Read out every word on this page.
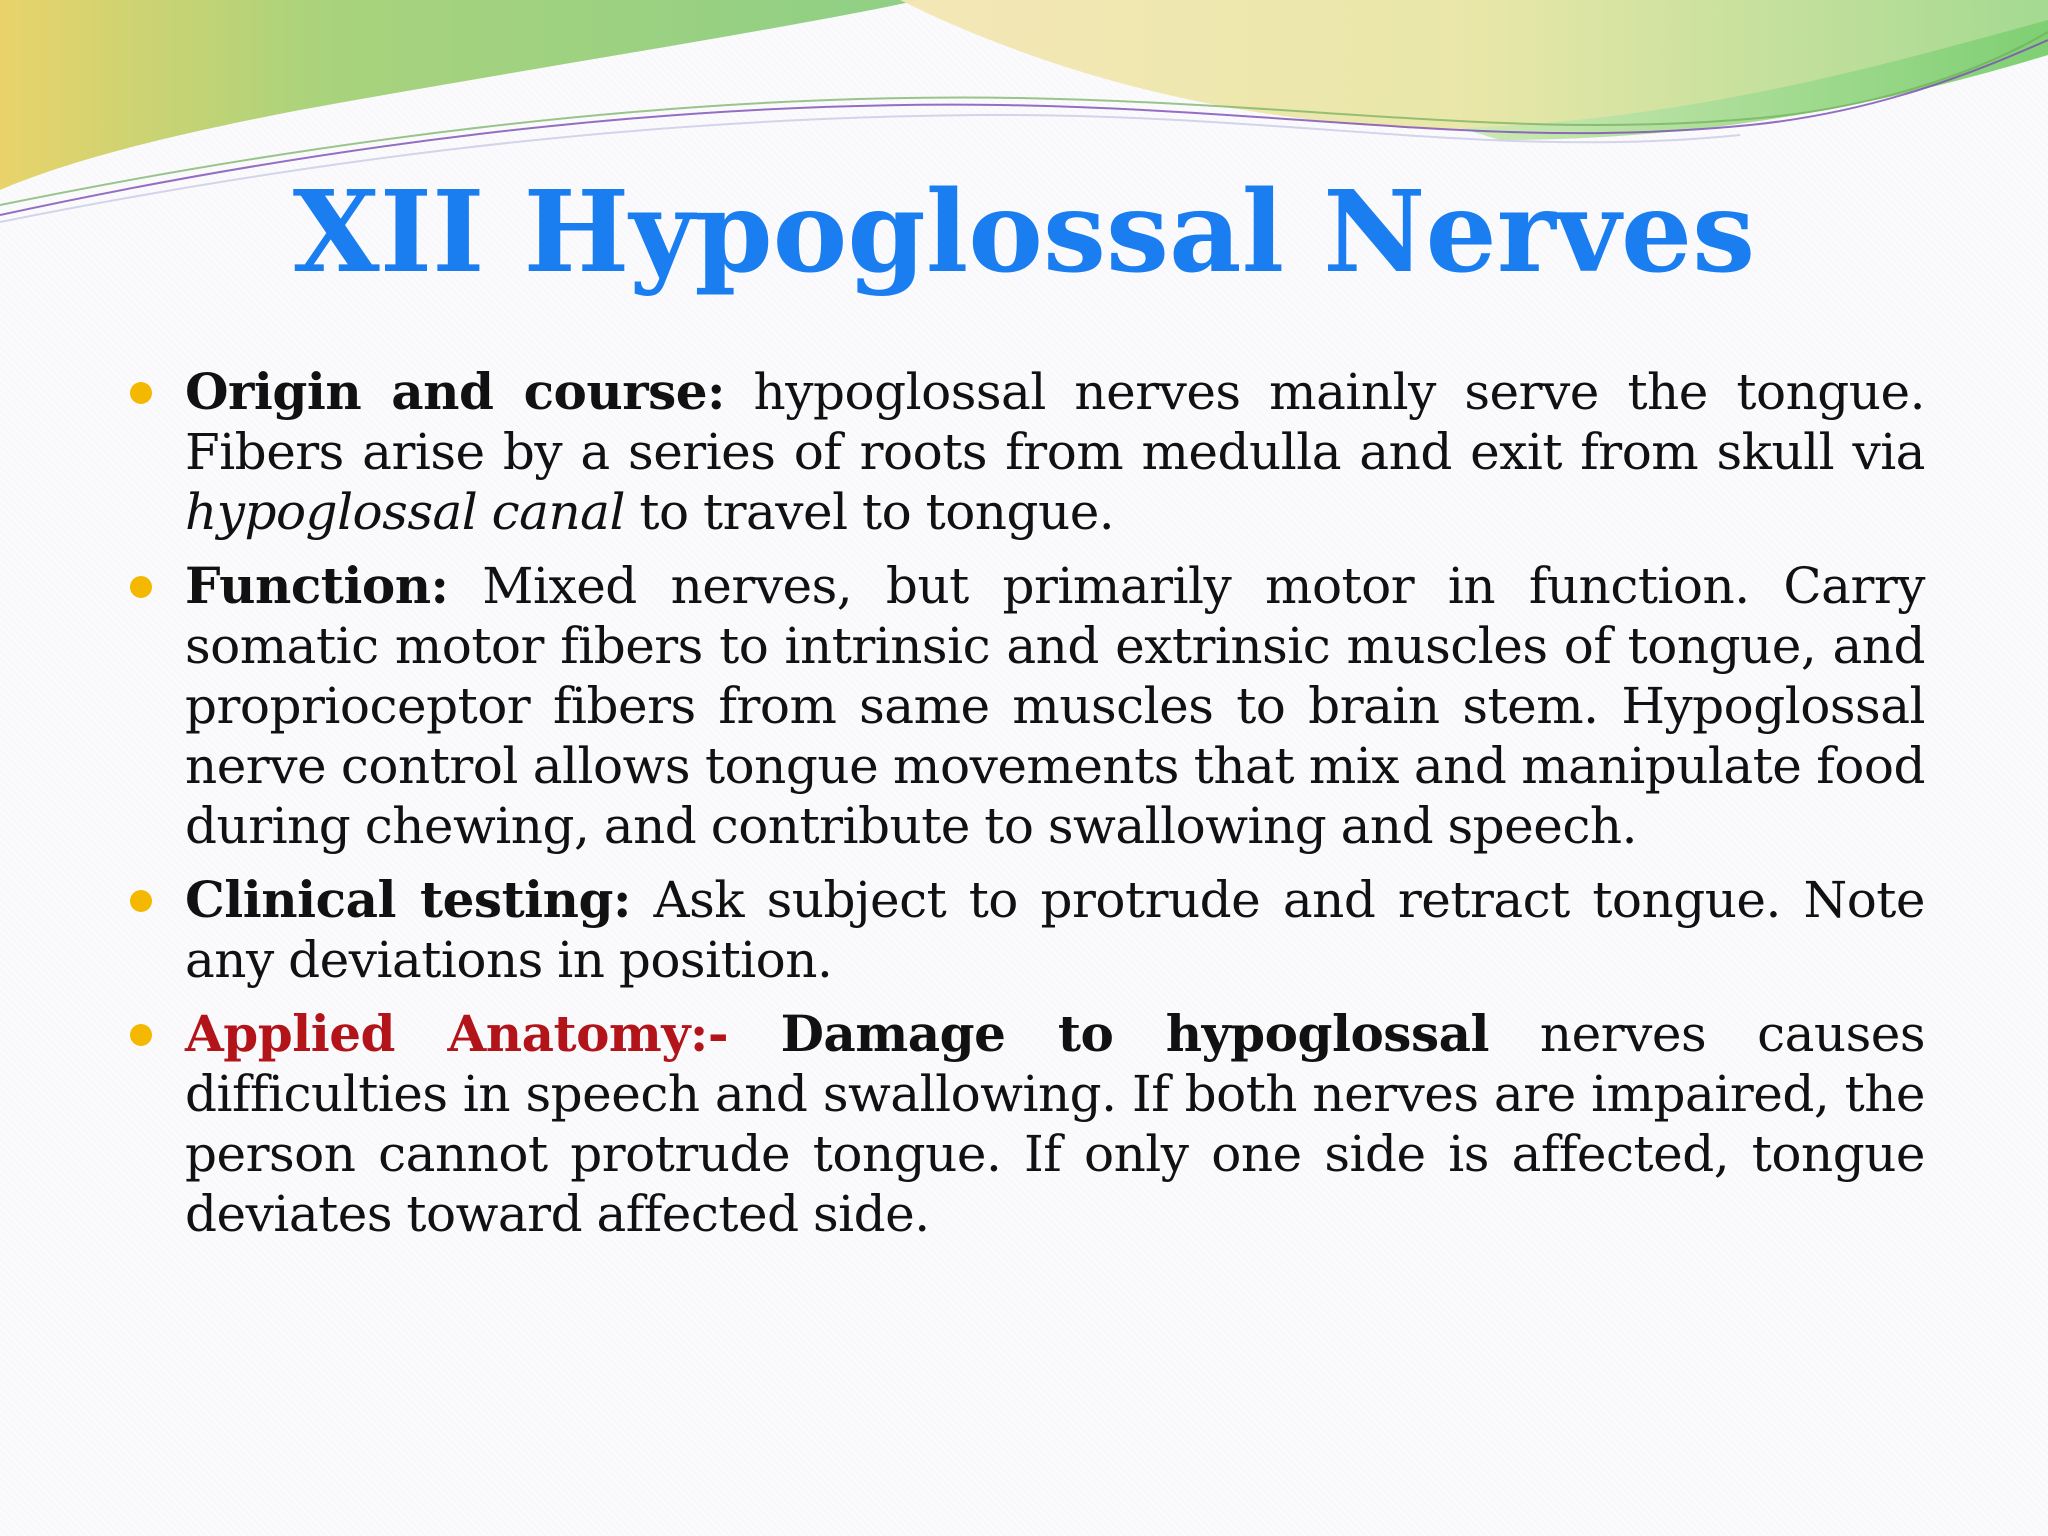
XII Hypoglossal Nerves
Origin and course: hypoglossal nerves mainly serve the tongue. Fibers arise by a series of roots from medulla and exit from skull via hypoglossal canal to travel to tongue.
Function: Mixed nerves, but primarily motor in function. Carry somatic motor fibers to intrinsic and extrinsic muscles of tongue, and proprioceptor fibers from same muscles to brain stem. Hypoglossal nerve control allows tongue movements that mix and manipulate food during chewing, and contribute to swallowing and speech.
Clinical testing: Ask subject to protrude and retract tongue. Note any deviations in position.
Applied Anatomy:- Damage to hypoglossal nerves causes difficulties in speech and swallowing. If both nerves are impaired, the person cannot protrude tongue. If only one side is affected, tongue deviates toward affected side.
